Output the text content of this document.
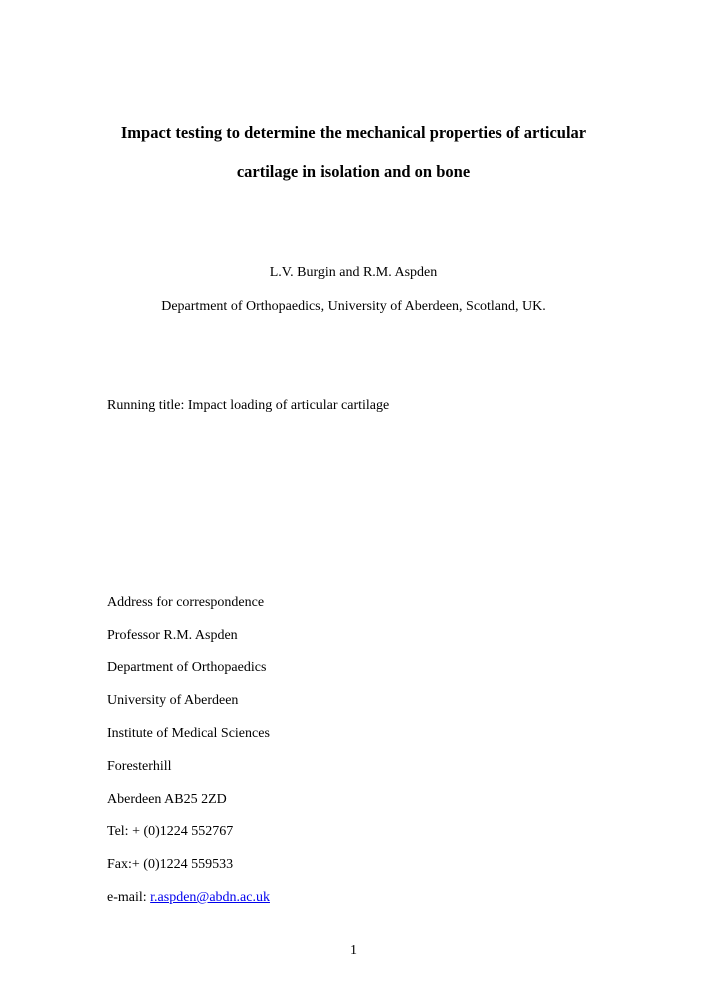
Impact testing to determine the mechanical properties of articular
cartilage in isolation and on bone
L.V. Burgin and R.M. Aspden
Department of Orthopaedics, University of Aberdeen, Scotland, UK.
Running title: Impact loading of articular cartilage
Address for correspondence
Professor R.M. Aspden
Department of Orthopaedics
University of Aberdeen
Institute of Medical Sciences
Foresterhill
Aberdeen AB25 2ZD
Tel: + (0)1224 552767
Fax:+ (0)1224 559533
e-mail: r.aspden@abdn.ac.uk
1
